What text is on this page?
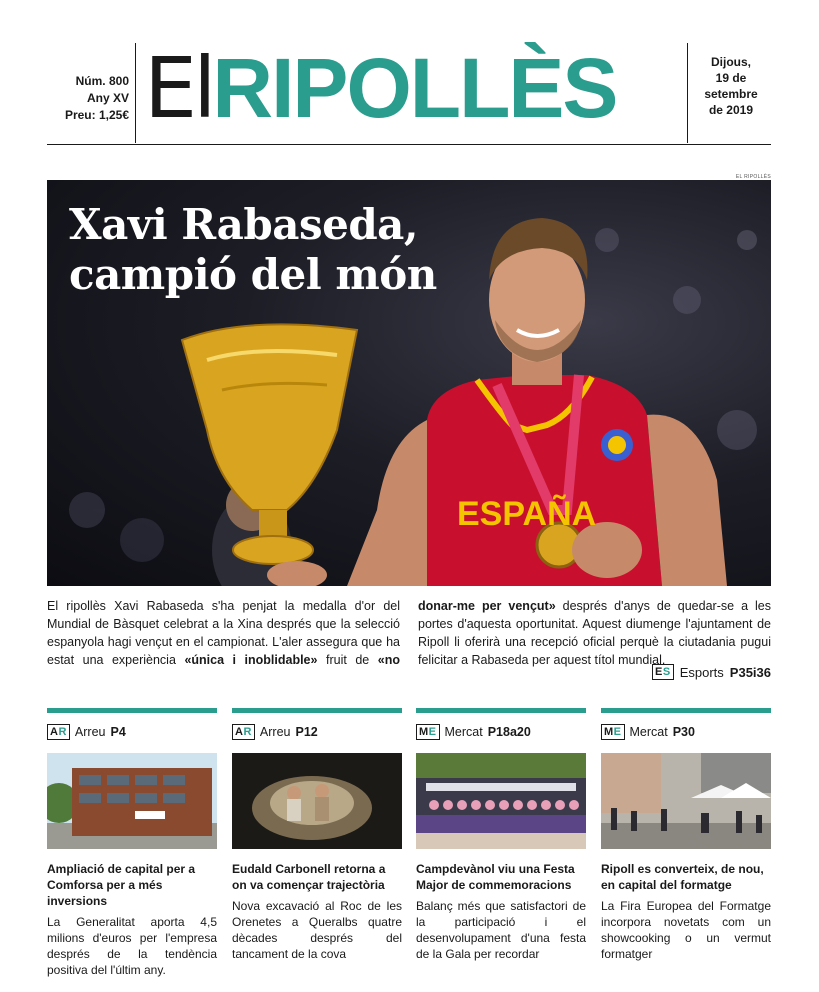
Núm. 800
Any XV
Preu: 1,25€ ElRIPOLLÈS	Dijous,
19 de
setembre
de 2019
EL RIPOLLÈS
ESPAÑA
Xavi Rabaseda,
campió del món
El ripollès Xavi Rabaseda s'ha penjat la medalla d'or del Mundial de Bàsquet celebrat a la Xina després que la selecció espanyola hagi vençut en el campionat. L'aler assegura que ha estat una experiència «única i inoblidable» fruit de «no donar-me per vençut» després d'anys de quedar-se a les portes d'aquesta oportunitat. Aquest diumenge l'ajuntament de Ripoll li oferirà una recepció oficial perquè la ciutadania pugui felicitar a Rabaseda per aquest títol mundial.
ES Esports P35i36
AR Arreu P4
Ampliació de capital per a Comforsa per a més inversions
La Generalitat aporta 4,5 milions d'euros per l'empresa després de la tendència positiva del l'últim any.
AR Arreu P12
Eudald Carbonell retorna a on va començar trajectòria
Nova excavació al Roc de les Orenetes a Queralbs quatre dècades després del tancament de la cova
ME Mercat P18a20
Campdevànol viu una Festa Major de commemoracions
Balanç més que satisfactori de la participació i el desenvolupament d'una festa de la Gala per recordar
ME Mercat P30
Ripoll es converteix, de nou, en capital del formatge
La Fira Europea del Formatge incorpora novetats com un showcooking o un vermut formatger
